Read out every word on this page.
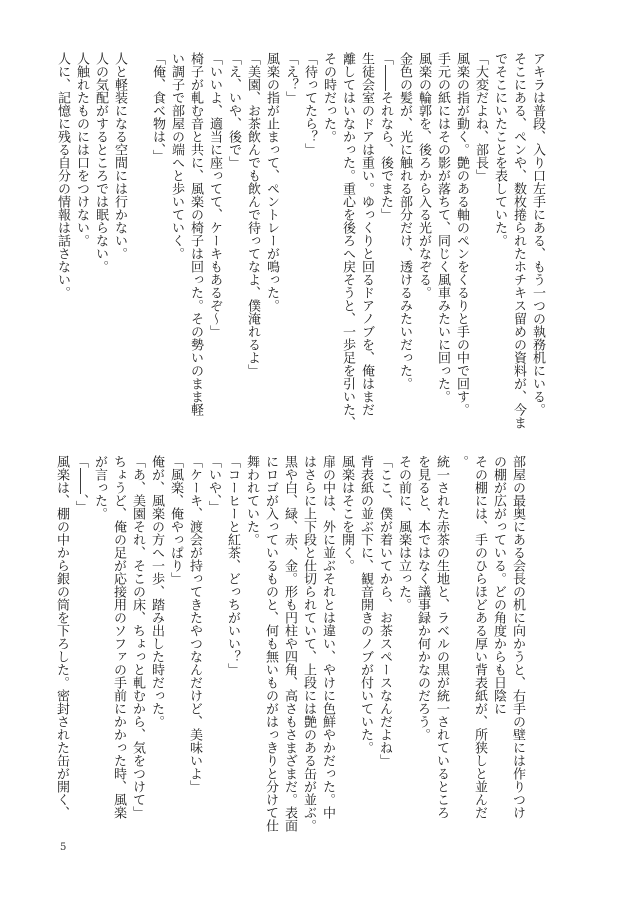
アキラは普段、入り口左手にある、もう一つの執務机にいる。
そこにある、ペンや、数枚捲られたホチキス留めの資料が、今ま
でそこにいたことを表していた。
「大変だよね、部長」
風楽の指が動く。艶のある軸のペンをくるりと手の中で回す。
手元の紙にはその影が落ちて、同じく風車みたいに回った。
風楽の輪郭を、後ろから入る光がなぞる。
金色の髪が、光に触れる部分だけ、透けるみたいだった。
「――それなら、後でまた」
生徒会室のドアは重い。ゆっくりと回るドアノブを、俺はまだ
離してはいなかった。重心を後ろへ戻そうと、一歩足を引いた、
その時だった。
「待ってたら？」
「え？」
風楽の指が止まって、ペントレーが鳴った。
「美園、お茶飲んでも飲んで待ってなよ、僕淹れるよ」
「え、いや、後で」
「いいよ、適当に座ってて、ケーキもあるぞ～」
椅子が軋む音と共に、風楽の椅子は回った。その勢いのまま軽
い調子で部屋の端へと歩いていく。
「俺、食べ物は、」
人と軽装になる空間には行かない。
人の気配がするところでは眠らない。
人触れたものには口をつけない。
人に、記憶に残る自分の情報は話さない。
部屋の最奥にある会長の机に向かうと、右手の壁には作りつけ
の棚が広がっている。どの角度からも日陰に
その棚には、手のひらほどある厚い背表紙が、所狭しと並んだ
。
統一された赤茶の生地と、ラベルの黒が統一されているところ
を見ると、本ではなく議事録か何かなのだろう。
その前に、風楽は立った。
「ここ、僕が着いてから、お茶スペースなんだよね」
背表紙の並ぶ下に、観音開きのノブが付いていた。
風楽はそこを開く。
扉の中は、外に並ぶそれとは違い、やけに色鮮やかだった。中
はさらに上下段と仕切られていて、上段には艶のある缶が並ぶ。
黒や白、緑、赤、金。形も円柱や四角、高さもさまざまだ。表面
にロゴが入っているものと、何も無いものがはっきりと分けて仕
舞われていた。
「コーヒーと紅茶、どっちがいい？」
「いや、」
「ケーキ、渡会が持ってきたやつなんだけど、美味いよ」
「風楽、俺やっぱり」
俺が、風楽の方へ一歩、踏み出した時だった。
「あ、美園それ、そこの床、ちょっと軋むから、気をつけて」
ちょうど、俺の足が応接用のソファの手前にかかった時、風楽
が言った。
「――、」
風楽は、棚の中から銀の筒を下ろした。密封された缶が開く、
5
